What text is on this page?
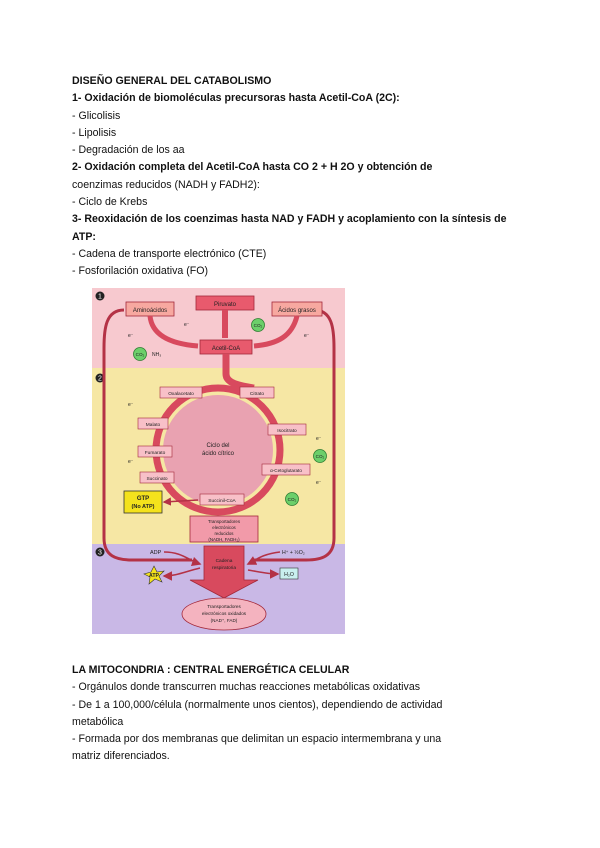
DISEÑO GENERAL DEL CATABOLISMO
1- Oxidación de biomoléculas precursoras hasta Acetil-CoA (2C):
- Glicolisis
- Lipolisis
- Degradación de los aa
2- Oxidación completa del Acetil-CoA hasta CO 2 + H 2O y obtención de
coenzimas reducidos (NADH y FADH2):
- Ciclo de Krebs
3- Reoxidación de los coenzimas hasta NAD y FADH y acoplamiento con la síntesis de
ATP:
- Cadena de transporte electrónico (CTE)
- Fosforilación oxidativa (FO)
1
2
3
Piruvato
Aminoácidos	Ácidos grasos
Acetil-CoA
CO₂
CO₂ NH₃
e⁻
e⁻	e⁻
Ciclo del
ácido cítrico
Oxalacetato	Citrato
Isocitrato
α-Cetoglutarato
Succinil-CoA
Succinato
Fumarato
Malato
e⁻
e⁻
e⁻
e⁻
CO₂
CO₂
GTP
(No ATP)
Transportadores
electrónicos
reducidos
(NADH, FADH₂)
Cadena
respiratoria
ADP
ATP
H⁺ + ½O₂
H₂O
Transportadores
electrónicos oxidados
(NAD⁺, FAD)
LA MITOCONDRIA : CENTRAL ENERGÉTICA CELULAR
- Orgánulos donde transcurren muchas reacciones metabólicas oxidativas
- De 1 a 100,000/célula (normalmente unos cientos), dependiendo de actividad
metabólica
- Formada por dos membranas que delimitan un espacio intermembrana y una
matriz diferenciados.
